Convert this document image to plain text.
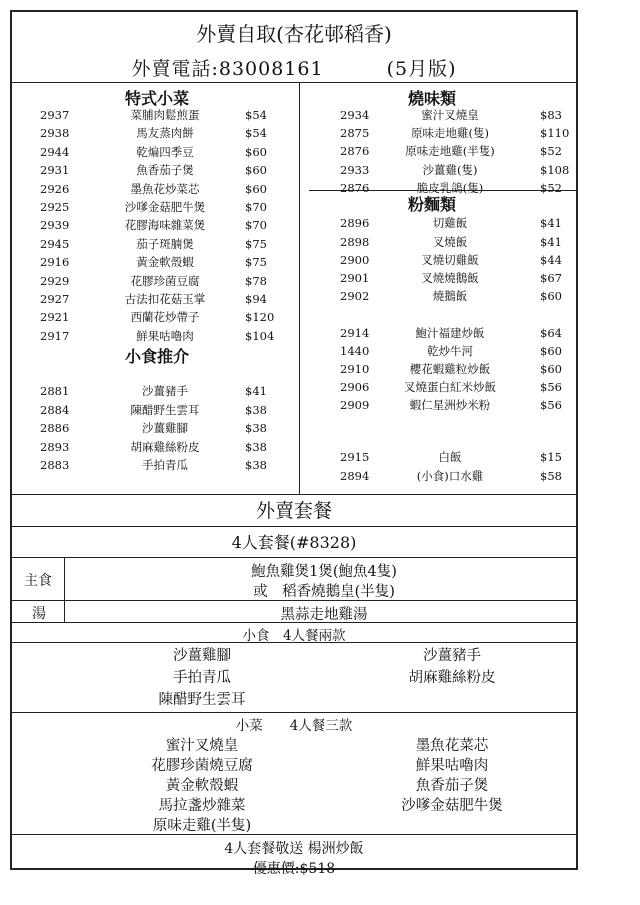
外賣自取(杏花邨稻香)
外賣電話:83008161	(5月版)
特式小菜
2937	菜脯肉鬆煎蛋	$54
2938	馬友蒸肉餅	$54
2944	乾煸四季豆	$60
2931	魚香茄子煲	$60
2926	墨魚花炒菜芯	$60
2925	沙嗲金菇肥牛煲	$70
2939	花膠海味雜菜煲	$70
2945	茄子斑腩煲	$75
2916	黃金軟殼蝦	$75
2929	花膠珍菌豆腐	$78
2927	古法扣花菇玉掌	$94
2921	西蘭花炒帶子	$120
2917	鮮果咕嚕肉	$104
小食推介
2881	沙薑豬手	$41
2884	陳醋野生雲耳	$38
2886	沙薑雞腳	$38
2893	胡麻雞絲粉皮	$38
2883	手拍青瓜	$38
燒味類
粉麵類
2934	蜜汁叉燒皇	$83
2875	原味走地雞(隻)	$110
2876	原味走地雞(半隻)	$52
2933	沙薑雞(隻)	$108
2876	脆皮乳鴿(隻)	$52
2896	切雞飯	$41
2898	叉燒飯	$41
2900	叉燒切雞飯	$44
2901	叉燒燒鵝飯	$67
2902	燒鵝飯	$60
2914	鮑汁福建炒飯	$64
1440	乾炒牛河	$60
2910	櫻花蝦雞粒炒飯	$60
2906	叉燒蛋白紅米炒飯	$56
2909	蝦仁星洲炒米粉	$56
2915	白飯	$15
2894	(小食)口水雞	$58
外賣套餐
4人套餐(#8328)
主食
鮑魚雞煲1煲(鮑魚4隻)
或　稻香燒鵝皇(半隻)
湯	黑蒜走地雞湯
小食　4人餐兩款
沙薑雞腳
手拍青瓜
陳醋野生雲耳
沙薑豬手
胡麻雞絲粉皮
小菜　　4人餐三款
蜜汁叉燒皇
花膠珍菌燒豆腐
黃金軟殼蝦
馬拉盞炒雜菜
原味走雞(半隻)
墨魚花菜芯
鮮果咕嚕肉
魚香茄子煲
沙嗲金菇肥牛煲
4人套餐敬送 楊洲炒飯
優惠價:$518
